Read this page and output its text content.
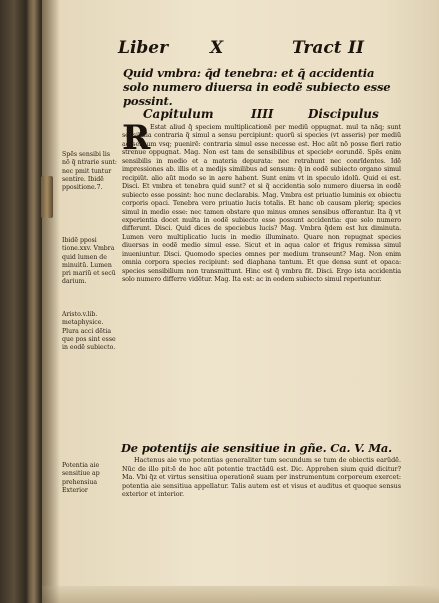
Liber X	Tract II
Quid vmbra: q̃d tenebra: et q̃ accidentia solo numero diuersa in eodẽ subiecto esse possint.
Capitulum	IIII	Discipulus
R Estat aliud q̃ speciem multiplicationẽ per mediũ oppugnat. mul ta nãq; sunt sensibilia contraria q̃ simul a sensu percipiunt: quorũ si species (vt asseris) per mediũ ad sensum vsq; puenirẽ: contraria simul esse necesse est. Hoc aũt nõ posse fieri ratio strenue oppugnat. Mag. Non est tam de sensibilibus et speciebꝰ eorundẽ. Spẽs enim sensibilis in medio et a materia depurata: nec retrahunt nec conrĩdentes. Idẽ impressiones ab. illis et a medijs similibus ad sensum: q̃ in eodẽ subiecto organo simul recipiũt. alio aũt modo se in aere habent. Sunt enim vt in speculo idolũ. Quid ei est. Disci. Et vmbra et tenebra quid sunt? et si q̃ accidentia solo numero diuersa in eodẽ subiecto esse possint: hoc nunc declarabis. Mag. Vmbra est priuatio luminis ex obiectu corporis opaci. Tenebra vero priuatio lucis totalis. Et hanc ob causam pleriq; species simul in medio esse: nec tamen obstare quo minus omnes sensibus offerantur. Ita q̃ vt experientia docet multa in eodẽ subiecto esse possunt accidentia: que solo numero differunt. Disci. Quid dices de speciebus lucis? Mag. Vmbra q̃dem est lux diminuta. Lumen vero multiplicatio lucis in medio illuminato. Quare non repugnat species diuersas in eodẽ medio simul esse. Sicut et in aqua calor et frigus remissa simul inueniuntur. Disci. Quomodo species omnes per medium transeunt? Mag. Non enim omnia corpora species recipiunt: sed diaphana tantum. Et que densa sunt et opaca: species sensibilium non transmittunt. Hinc est q̃ vmbra fit. Disci. Ergo ista accidentia solo numero differre vidẽtur. Mag. Ita est: ac in eodem subiecto simul reperiuntur.

De potentijs aie sensitiue in gñe. Ca. V. Ma.

Hactenus aie vno potentias generaliter tum secundum se tum de obiectis earũdẽ. Nũc de illo pit:ẽ de hoc aũt potentie tractãdũ est. Dic. Apprehen sium quid dicitur? Ma. Vbi q̃z et virtus sensitiua operationẽ suam per instrumentum corporeum exercet: potentia aie sensitiua appellatur. Talis autem est et visus et auditus et quoque sensus exterior et interior.

Spẽs sensibi lis nõ q̃ ntrarie sunt: nec pmit tuntur sentire. Ibidẽ ppositione.7.
Ibidẽ pposi tione.xxv. Vmbra quid lumen de minuitũ. Lumen pri mariũ et secũ darium.
Aristo.v.lib. metaphysice. Plura acci dẽtia que pos sint esse in eodẽ subiecto.
Potentia aie sensitiue ap prehensiua Exterior
